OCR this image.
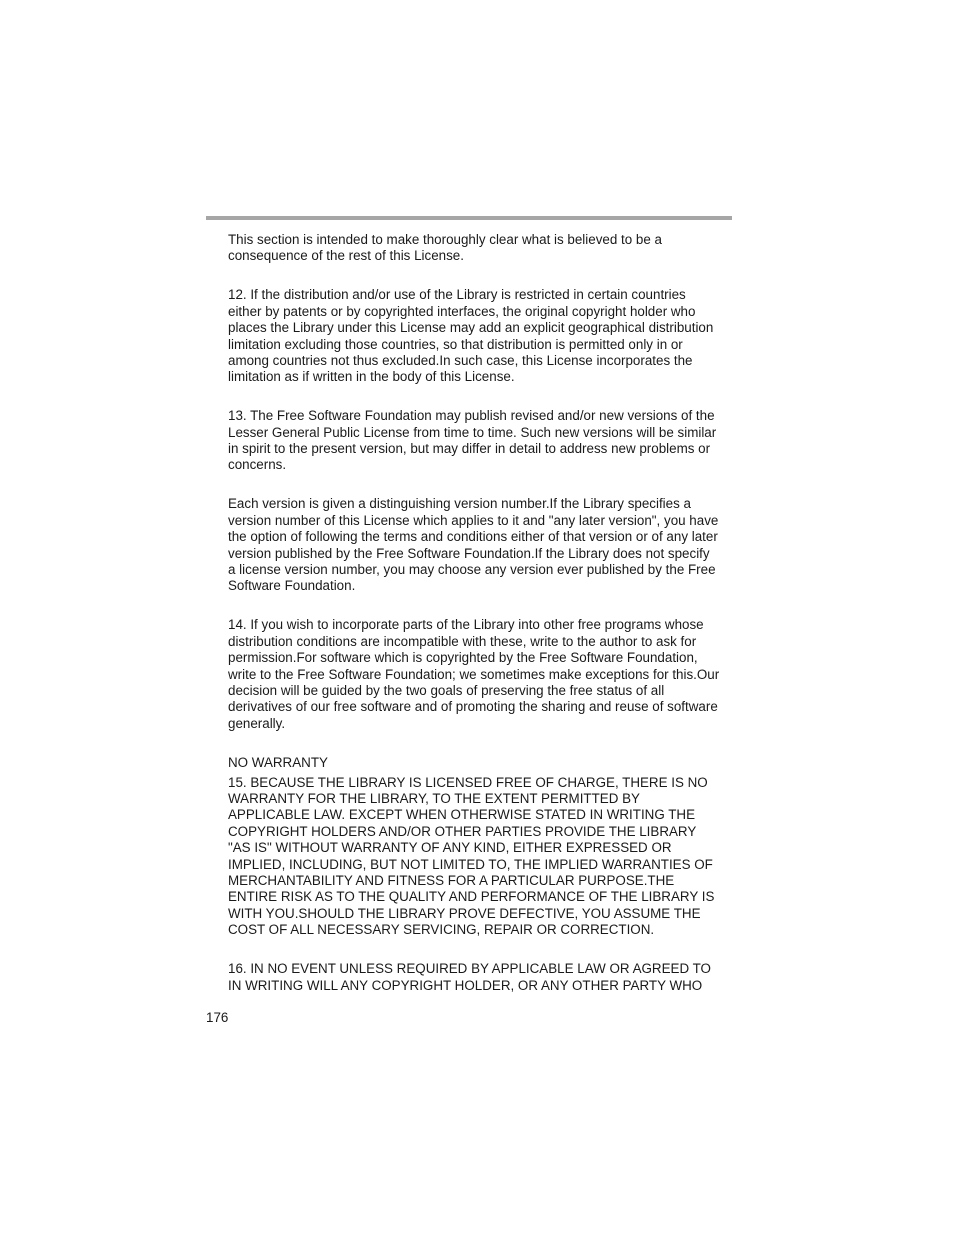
This section is intended to make thoroughly clear what is believed to be a
consequence of the rest of this License.

12. If the distribution and/or use of the Library is restricted in certain countries
either by patents or by copyrighted interfaces, the original copyright holder who
places the Library under this License may add an explicit geographical distribution
limitation excluding those countries, so that distribution is permitted only in or
among countries not thus excluded.In such case, this License incorporates the
limitation as if written in the body of this License.

13. The Free Software Foundation may publish revised and/or new versions of the
Lesser General Public License from time to time. Such new versions will be similar
in spirit to the present version, but may differ in detail to address new problems or
concerns.

Each version is given a distinguishing version number.If the Library specifies a
version number of this License which applies to it and "any later version", you have
the option of following the terms and conditions either of that version or of any later
version published by the Free Software Foundation.If the Library does not specify
a license version number, you may choose any version ever published by the Free
Software Foundation.

14. If you wish to incorporate parts of the Library into other free programs whose
distribution conditions are incompatible with these, write to the author to ask for
permission.For software which is copyrighted by the Free Software Foundation,
write to the Free Software Foundation; we sometimes make exceptions for this.Our
decision will be guided by the two goals of preserving the free status of all
derivatives of our free software and of promoting the sharing and reuse of software
generally.

NO WARRANTY

15. BECAUSE THE LIBRARY IS LICENSED FREE OF CHARGE, THERE IS NO
WARRANTY FOR THE LIBRARY, TO THE EXTENT PERMITTED BY
APPLICABLE LAW. EXCEPT WHEN OTHERWISE STATED IN WRITING THE
COPYRIGHT HOLDERS AND/OR OTHER PARTIES PROVIDE THE LIBRARY
"AS IS" WITHOUT WARRANTY OF ANY KIND, EITHER EXPRESSED OR
IMPLIED, INCLUDING, BUT NOT LIMITED TO, THE IMPLIED WARRANTIES OF
MERCHANTABILITY AND FITNESS FOR A PARTICULAR PURPOSE.THE
ENTIRE RISK AS TO THE QUALITY AND PERFORMANCE OF THE LIBRARY IS
WITH YOU.SHOULD THE LIBRARY PROVE DEFECTIVE, YOU ASSUME THE
COST OF ALL NECESSARY SERVICING, REPAIR OR CORRECTION.

16. IN NO EVENT UNLESS REQUIRED BY APPLICABLE LAW OR AGREED TO
IN WRITING WILL ANY COPYRIGHT HOLDER, OR ANY OTHER PARTY WHO

176
